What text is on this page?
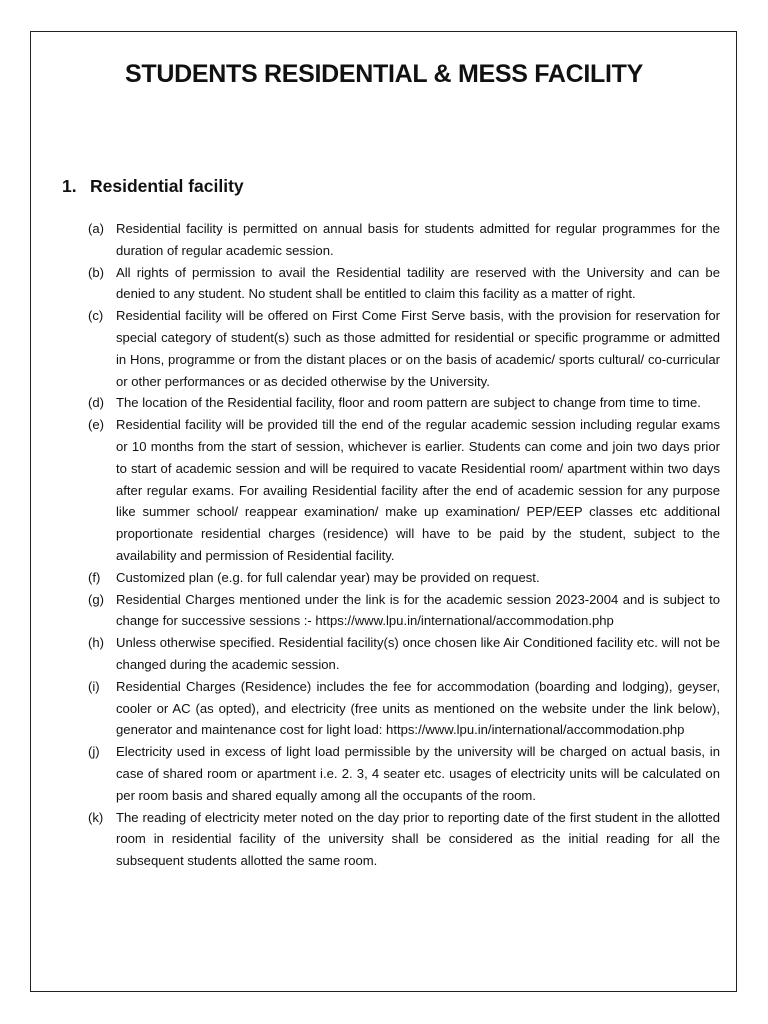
STUDENTS RESIDENTIAL & MESS FACILITY
1. Residential facility
(a) Residential facility is permitted on annual basis for students admitted for regular programmes for the duration of regular academic session.
(b) All rights of permission to avail the Residential tadility are reserved with the University and can be denied to any student. No student shall be entitled to claim this facility as a matter of right.
(c) Residential facility will be offered on First Come First Serve basis, with the provision for reservation for special category of student(s) such as those admitted for residential or specific programme or admitted in Hons, programme or from the distant places or on the basis of academic/ sports cultural/ co-curricular or other performances or as decided otherwise by the University.
(d) The location of the Residential facility, floor and room pattern are subject to change from time to time.
(e) Residential facility will be provided till the end of the regular academic session including regular exams or 10 months from the start of session, whichever is earlier. Students can come and join two days prior to start of academic session and will be required to vacate Residential room/ apartment within two days after regular exams. For availing Residential facility after the end of academic session for any purpose like summer school/ reappear examination/ make up examination/ PEP/EEP classes etc additional proportionate residential charges (residence) will have to be paid by the student, subject to the availability and permission of Residential facility.
(f)	Customized plan (e.g. for full calendar year) may be provided on request.
(g) Residential Charges mentioned under the link is for the academic session 2023-2004 and is subject to change for successive sessions :- https://www.lpu.in/international/accommodation.php
(h) Unless otherwise specified. Residential facility(s) once chosen like Air Conditioned facility etc. will not be changed during the academic session.
(i)	Residential Charges (Residence) includes the fee for accommodation (boarding and lodging), geyser, cooler or AC (as opted), and electricity (free units as mentioned on the website under the link below), generator and maintenance cost for light load: https://www.lpu.in/international/accommodation.php
(j)	Electricity used in excess of light load permissible by the university will be charged on actual basis, in case of shared room or apartment i.e. 2. 3, 4 seater etc. usages of electricity units will be calculated on per room basis and shared equally among all the occupants of the room.
(k) The reading of electricity meter noted on the day prior to reporting date of the first student in the allotted room in residential facility of the university shall be considered as the initial reading for all the subsequent students allotted the same room.
